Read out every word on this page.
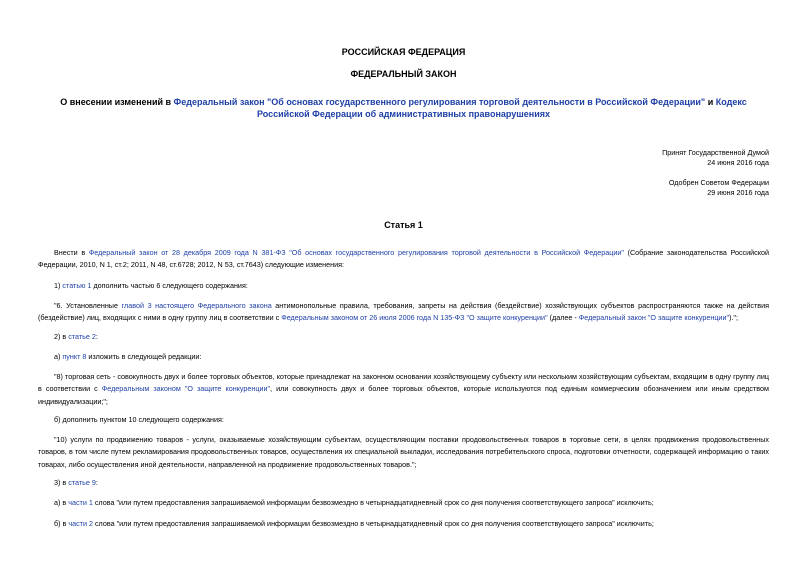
РОССИЙСКАЯ ФЕДЕРАЦИЯ
ФЕДЕРАЛЬНЫЙ ЗАКОН
О внесении изменений в Федеральный закон "Об основах государственного регулирования торговой деятельности в Российской Федерации" и Кодекс Российской Федерации об административных правонарушениях
Принят Государственной Думой
24 июня 2016 года
Одобрен Советом Федерации
29 июня 2016 года
Статья 1
Внести в Федеральный закон от 28 декабря 2009 года N 381-ФЗ "Об основах государственного регулирования торговой деятельности в Российской Федерации" (Собрание законодательства Российской Федерации, 2010, N 1, ст.2; 2011, N 48, ст.6728; 2012, N 53, ст.7643) следующие изменения:
1) статью 1 дополнить частью 6 следующего содержания:
"6. Установленные главой 3 настоящего Федерального закона антимонопольные правила, требования, запреты на действия (бездействие) хозяйствующих субъектов распространяются также на действия (бездействие) лиц, входящих с ними в одну группу лиц в соответствии с Федеральным законом от 26 июля 2006 года N 135-ФЗ "О защите конкуренции" (далее - Федеральный закон "О защите конкуренции").";
2) в статье 2:
а) пункт 8 изложить в следующей редакции:
"8) торговая сеть - совокупность двух и более торговых объектов, которые принадлежат на законном основании хозяйствующему субъекту или нескольким хозяйствующим субъектам, входящим в одну группу лиц в соответствии с Федеральным законом "О защите конкуренции", или совокупность двух и более торговых объектов, которые используются под единым коммерческим обозначением или иным средством индивидуализации;";
б) дополнить пунктом 10 следующего содержания:
"10) услуги по продвижению товаров - услуги, оказываемые хозяйствующим субъектам, осуществляющим поставки продовольственных товаров в торговые сети, в целях продвижения продовольственных товаров, в том числе путем рекламирования продовольственных товаров, осуществления их специальной выкладки, исследования потребительского спроса, подготовки отчетности, содержащей информацию о таких товарах, либо осуществления иной деятельности, направленной на продвижение продовольственных товаров.";
3) в статье 9:
а) в части 1 слова "или путем предоставления запрашиваемой информации безвозмездно в четырнадцатидневный срок со дня получения соответствующего запроса" исключить;
б) в части 2 слова "или путем предоставления запрашиваемой информации безвозмездно в четырнадцатидневный срок со дня получения соответствующего запроса" исключить;
